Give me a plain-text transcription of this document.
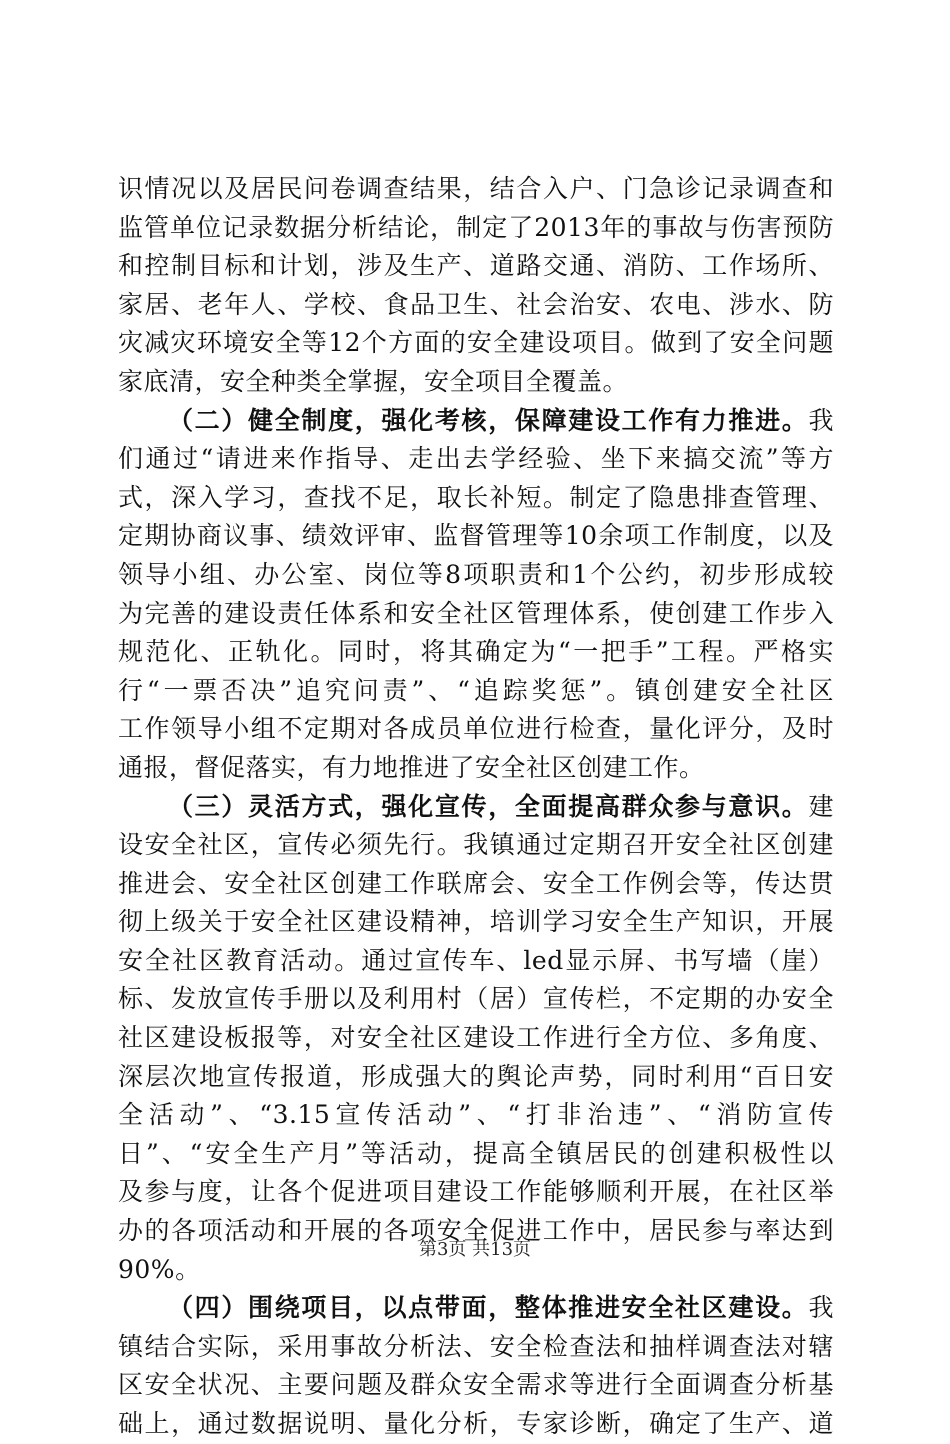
识情况以及居民问卷调查结果，结合入户、门急诊记录调查和
监管单位记录数据分析结论，制定了2013年的事故与伤害预防
和控制目标和计划，涉及生产、道路交通、消防、工作场所、
家居、老年人、学校、食品卫生、社会治安、农电、涉水、防
灾减灾环境安全等12个方面的安全建设项目。做到了安全问题
家底清，安全种类全掌握，安全项目全覆盖。
（二）健全制度，强化考核，保障建设工作有力推进。我
们通过“请进来作指导、走出去学经验、坐下来搞交流”等方
式，深入学习，查找不足，取长补短。制定了隐患排查管理、
定期协商议事、绩效评审、监督管理等10余项工作制度，以及
领导小组、办公室、岗位等8项职责和1个公约，初步形成较
为完善的建设责任体系和安全社区管理体系，使创建工作步入
规范化、正轨化。同时，将其确定为“一把手”工程。严格实
行“一票否决”追究问责”、“追踪奖惩”。镇创建安全社区
工作领导小组不定期对各成员单位进行检查，量化评分，及时
通报，督促落实，有力地推进了安全社区创建工作。
（三）灵活方式，强化宣传，全面提高群众参与意识。建
设安全社区，宣传必须先行。我镇通过定期召开安全社区创建
推进会、安全社区创建工作联席会、安全工作例会等，传达贯
彻上级关于安全社区建设精神，培训学习安全生产知识，开展
安全社区教育活动。通过宣传车、led显示屏、书写墙（崖）
标、发放宣传手册以及利用村（居）宣传栏，不定期的办安全
社区建设板报等，对安全社区建设工作进行全方位、多角度、
深层次地宣传报道，形成强大的舆论声势，同时利用“百日安
全活动”、“3.15宣传活动”、“打非治违”、“消防宣传
日”、“安全生产月”等活动，提高全镇居民的创建积极性以
及参与度，让各个促进项目建设工作能够顺利开展，在社区举
办的各项活动和开展的各项安全促进工作中，居民参与率达到
90%。
（四）围绕项目，以点带面，整体推进安全社区建设。我
镇结合实际，采用事故分析法、安全检查法和抽样调查法对辖
区安全状况、主要问题及群众安全需求等进行全面调查分析基
础上，通过数据说明、量化分析，专家诊断，确定了生产、道
第3页 共13页
